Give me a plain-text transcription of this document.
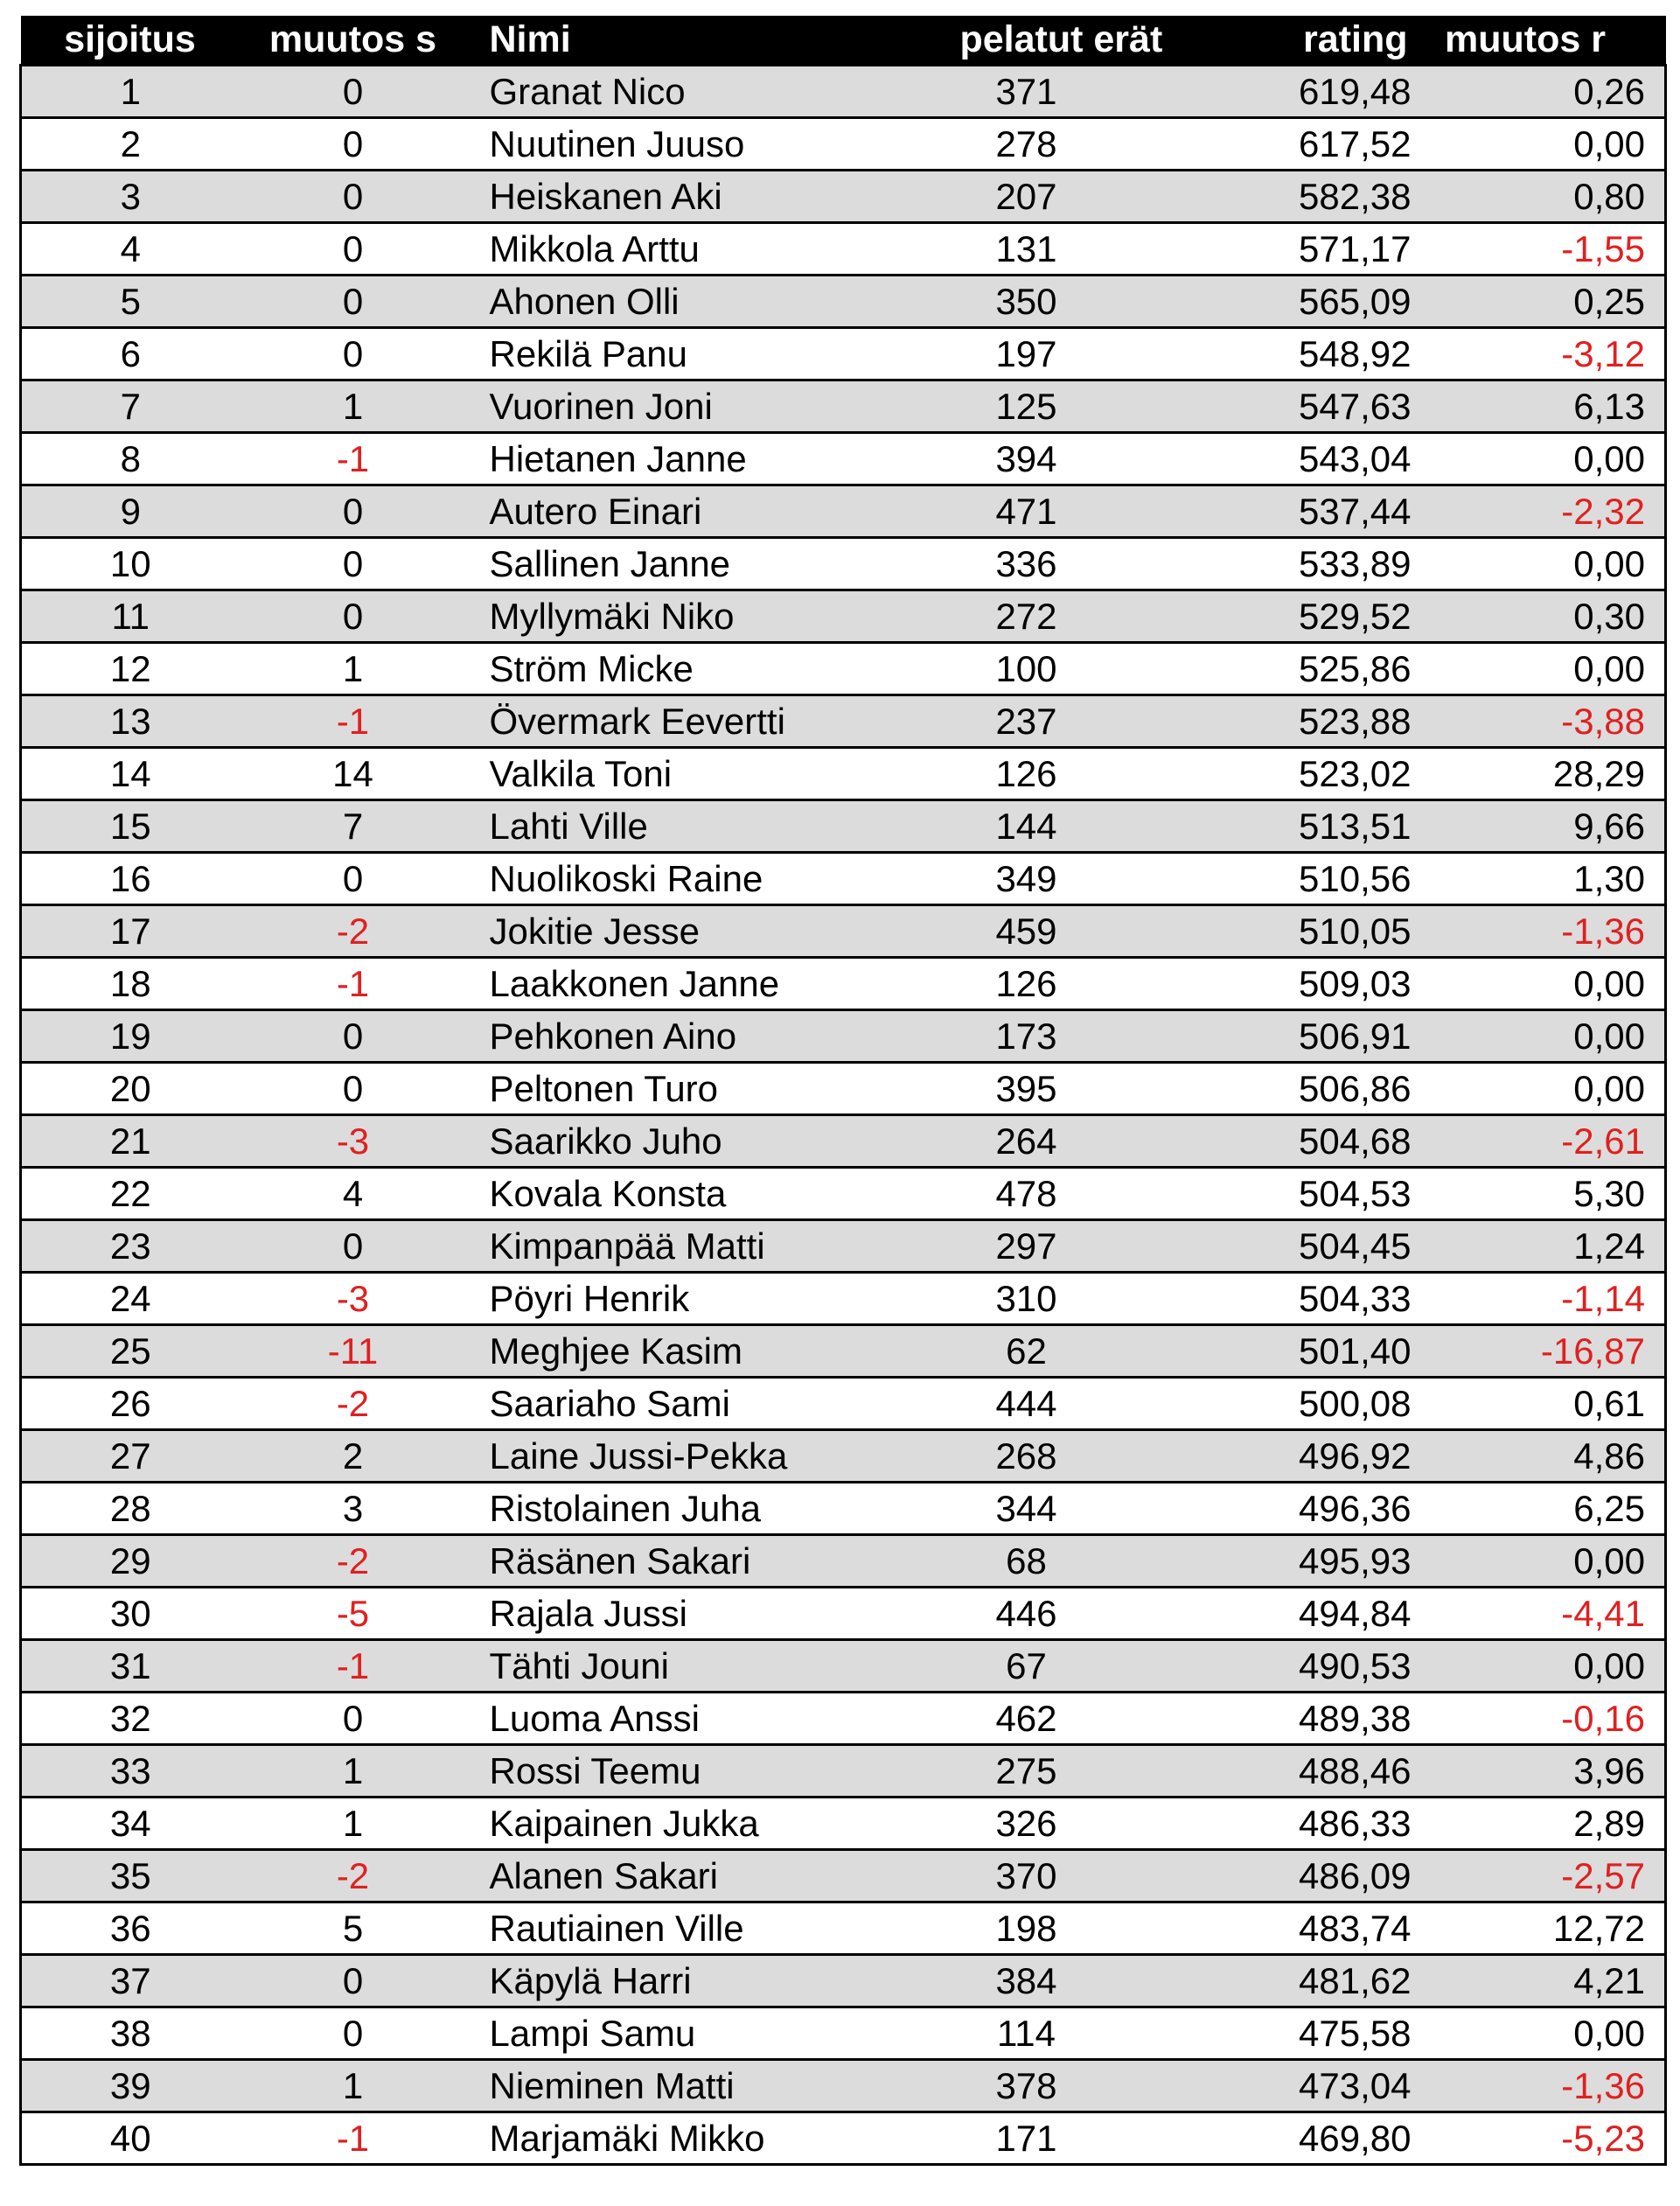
sijoitus	muutos s	Nimi	pelatut erät	rating	muutos r
1	0	Granat Nico	371	619,48	0,26
2	0	Nuutinen Juuso	278	617,52	0,00
3	0	Heiskanen Aki	207	582,38	0,80
4	0	Mikkola Arttu	131	571,17	-1,55
5	0	Ahonen Olli	350	565,09	0,25
6	0	Rekilä Panu	197	548,92	-3,12
7	1	Vuorinen Joni	125	547,63	6,13
8	-1	Hietanen Janne	394	543,04	0,00
9	0	Autero Einari	471	537,44	-2,32
10	0	Sallinen Janne	336	533,89	0,00
11	0	Myllymäki Niko	272	529,52	0,30
12	1	Ström Micke	100	525,86	0,00
13	-1	Övermark Eevertti	237	523,88	-3,88
14	14	Valkila Toni	126	523,02	28,29
15	7	Lahti Ville	144	513,51	9,66
16	0	Nuolikoski Raine	349	510,56	1,30
17	-2	Jokitie Jesse	459	510,05	-1,36
18	-1	Laakkonen Janne	126	509,03	0,00
19	0	Pehkonen Aino	173	506,91	0,00
20	0	Peltonen Turo	395	506,86	0,00
21	-3	Saarikko Juho	264	504,68	-2,61
22	4	Kovala Konsta	478	504,53	5,30
23	0	Kimpanpää Matti	297	504,45	1,24
24	-3	Pöyri Henrik	310	504,33	-1,14
25	-11	Meghjee Kasim	62	501,40	-16,87
26	-2	Saariaho Sami	444	500,08	0,61
27	2	Laine Jussi-Pekka	268	496,92	4,86
28	3	Ristolainen Juha	344	496,36	6,25
29	-2	Räsänen Sakari	68	495,93	0,00
30	-5	Rajala Jussi	446	494,84	-4,41
31	-1	Tähti Jouni	67	490,53	0,00
32	0	Luoma Anssi	462	489,38	-0,16
33	1	Rossi Teemu	275	488,46	3,96
34	1	Kaipainen Jukka	326	486,33	2,89
35	-2	Alanen Sakari	370	486,09	-2,57
36	5	Rautiainen Ville	198	483,74	12,72
37	0	Käpylä Harri	384	481,62	4,21
38	0	Lampi Samu	114	475,58	0,00
39	1	Nieminen Matti	378	473,04	-1,36
40	-1	Marjamäki Mikko	171	469,80	-5,23
